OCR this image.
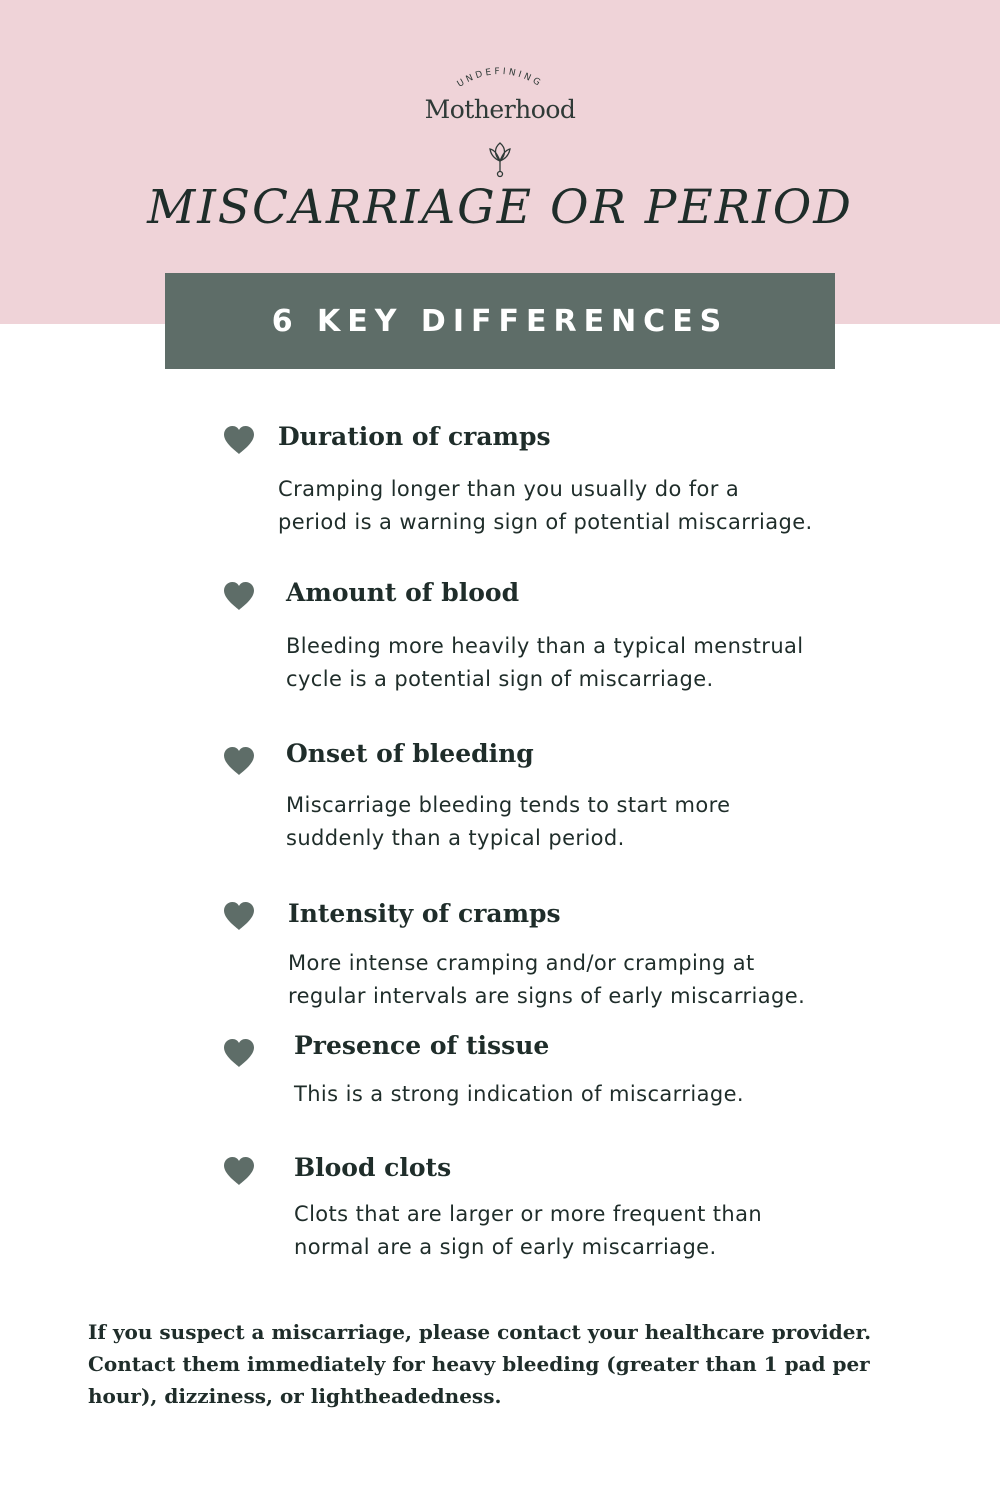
UNDEFINING
Motherhood
MISCARRIAGE OR PERIOD
6 KEY DIFFERENCES
Duration of cramps
Cramping longer than you usually do for a
period is a warning sign of potential miscarriage.
Amount of blood
Bleeding more heavily than a typical menstrual
cycle is a potential sign of miscarriage.
Onset of bleeding
Miscarriage bleeding tends to start more
suddenly than a typical period.
Intensity of cramps
More intense cramping and/or cramping at
regular intervals are signs of early miscarriage.
Presence of tissue
This is a strong indication of miscarriage.
Blood clots
Clots that are larger or more frequent than
normal are a sign of early miscarriage.
If you suspect a miscarriage, please contact your healthcare provider.
Contact them immediately for heavy bleeding (greater than 1 pad per
hour), dizziness, or lightheadedness.
